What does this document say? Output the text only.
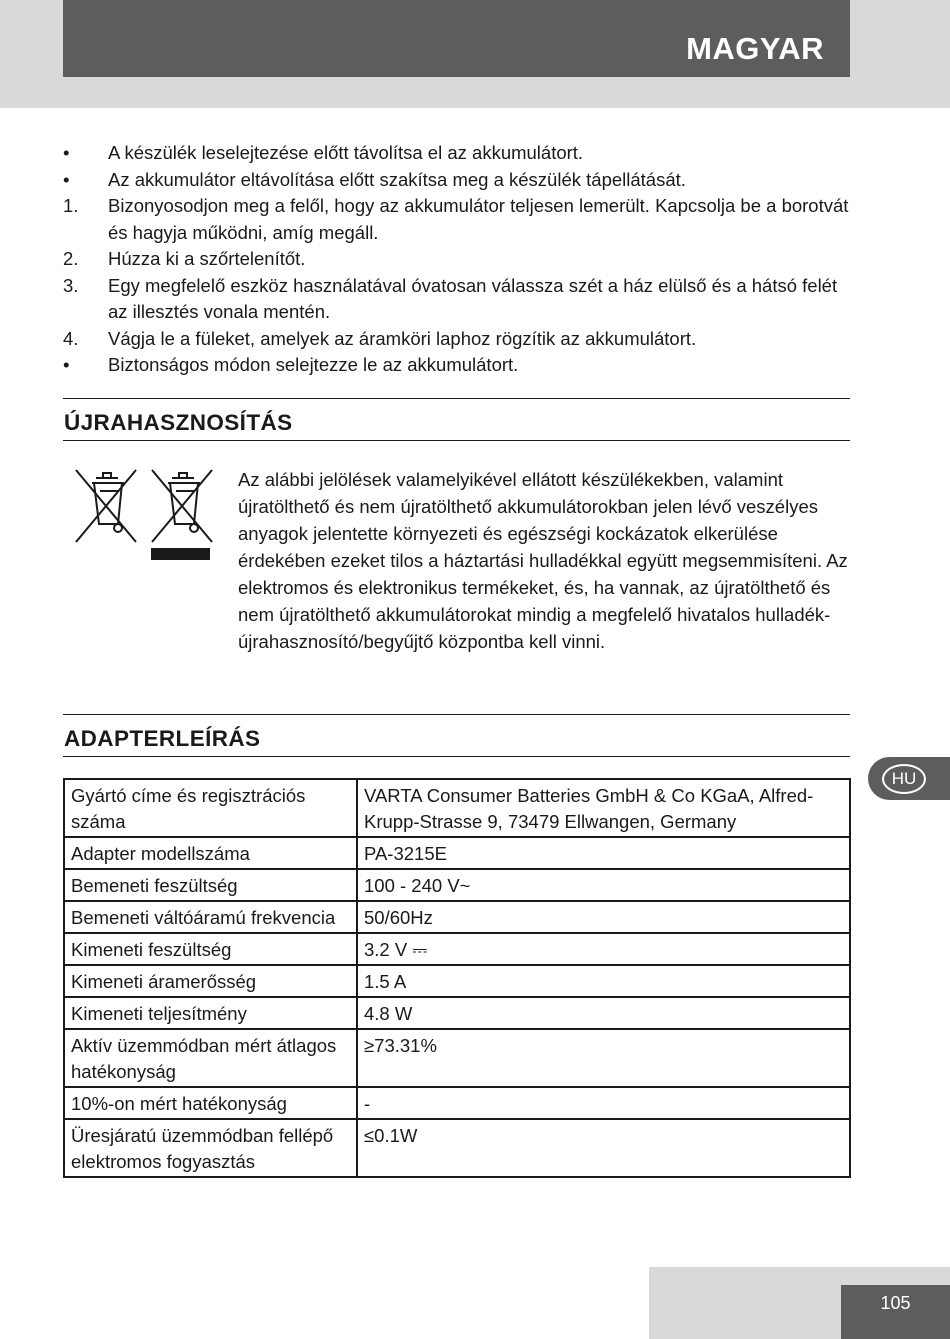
MAGYAR
•	A készülék leselejtezése előtt távolítsa el az akkumulátort.
•	Az akkumulátor eltávolítása előtt szakítsa meg a készülék tápellátását.
1.	Bizonyosodjon meg a felől, hogy az akkumulátor teljesen lemerült. Kapcsolja be a borotvát és hagyja működni, amíg megáll.
2.	Húzza ki a szőrtelenítőt.
3.	Egy megfelelő eszköz használatával óvatosan válassza szét a ház elülső és a hátsó felét az illesztés vonala mentén.
4.	Vágja le a füleket, amelyek az áramköri laphoz rögzítik az akkumulátort.
•	Biztonságos módon selejtezze le az akkumulátort.
ÚJRAHASZNOSÍTÁS
Az alábbi jelölések valamelyikével ellátott készülékekben, valamint újratölthető és nem újratölthető akkumulátorokban jelen lévő veszélyes anyagok jelentette környezeti és egészségi kockázatok elkerülése érdekében ezeket tilos a háztartási hulladékkal együtt megsemmisíteni. Az elektromos és elektronikus termékeket, és, ha vannak, az újratölthető és nem újratölthető akkumulátorokat mindig a megfelelő hivatalos hulladék-újrahasznosító/begyűjtő központba kell vinni.
ADAPTERLEÍRÁS
Gyártó címe és regisztrációs száma	VARTA Consumer Batteries GmbH & Co KGaA, Alfred-Krupp-Strasse 9, 73479 Ellwangen, Germany
Adapter modellszáma	PA-3215E
Bemeneti feszültség	100 - 240 V~
Bemeneti váltóáramú frekvencia	50/60Hz
Kimeneti feszültség	3.2 V ⎓
Kimeneti áramerősség	1.5 A
Kimeneti teljesítmény	4.8 W
Aktív üzemmódban mért átlagos hatékonyság	≥73.31%
10%-on mért hatékonyság	-
Üresjáratú üzemmódban fellépő elektromos fogyasztás	≤0.1W
HU
105
